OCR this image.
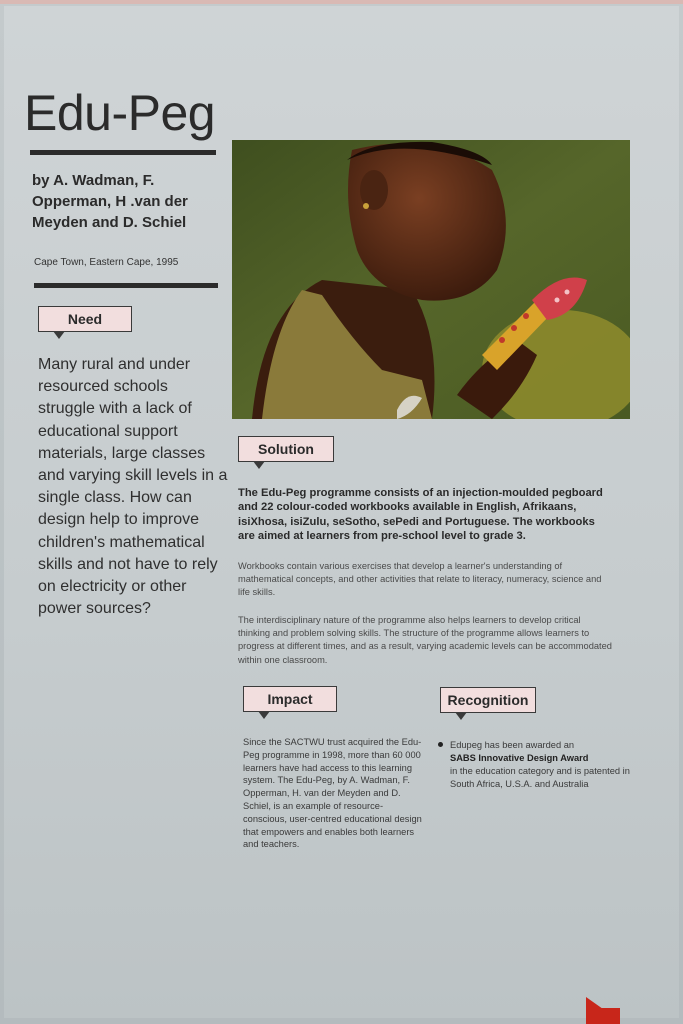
Edu-Peg
by A. Wadman, F. Opperman, H .van der Meyden and D. Schiel
Cape Town, Eastern Cape, 1995
Need
Many rural and under resourced schools struggle with a lack of educational support materials, large classes and varying skill levels in a single class. How can design help to improve children's mathematical skills and not have to rely on electricity or other power sources?
Solution
The Edu-Peg programme consists of an injection-moulded pegboard and 22 colour-coded workbooks available in English, Afrikaans, isiXhosa, isiZulu, seSotho, sePedi and Portuguese. The workbooks are aimed at learners from pre-school level to grade 3.
Workbooks contain various exercises that develop a learner's understanding of mathematical concepts, and other activities that relate to literacy, numeracy, science and life skills.
The interdisciplinary nature of the programme also helps learners to develop critical thinking and problem solving skills. The structure of the programme allows learners to progress at different times, and as a result, varying academic levels can be accommodated within one classroom.
Impact
Since the SACTWU trust acquired the Edu-Peg programme in 1998, more than 60 000 learners have had access to this learning system. The Edu-Peg, by A. Wadman, F. Opperman, H. van der Meyden and D. Schiel, is an example of resource-conscious, user-centred educational design that empowers and enables both learners and teachers.
Recognition
Edupeg has been awarded an
SABS Innovative Design Award
in the education category and is patented in South Africa, U.S.A. and Australia
